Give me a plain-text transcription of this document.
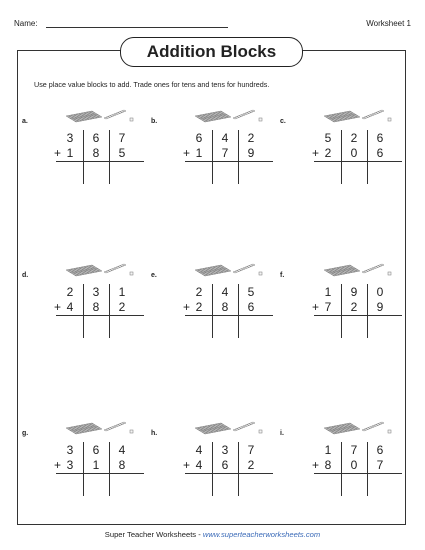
Name:	Worksheet 1
Addition Blocks
Use place value blocks to add. Trade ones for tens and tens for hundreds.
a.
3	6	7
1	8	5
+
b.
6	4	2
1	7	9
+
c.
5	2	6
2	0	6
+
d.
2	3	1
4	8	2
+
e.
2	4	5
2	8	6
+
f.
1	9	0
7	2	9
+
g.
3	6	4
3	1	8
+
h.
4	3	7
4	6	2
+
i.
1	7	6
8	0	7
+
Super Teacher Worksheets - www.superteacherworksheets.com
